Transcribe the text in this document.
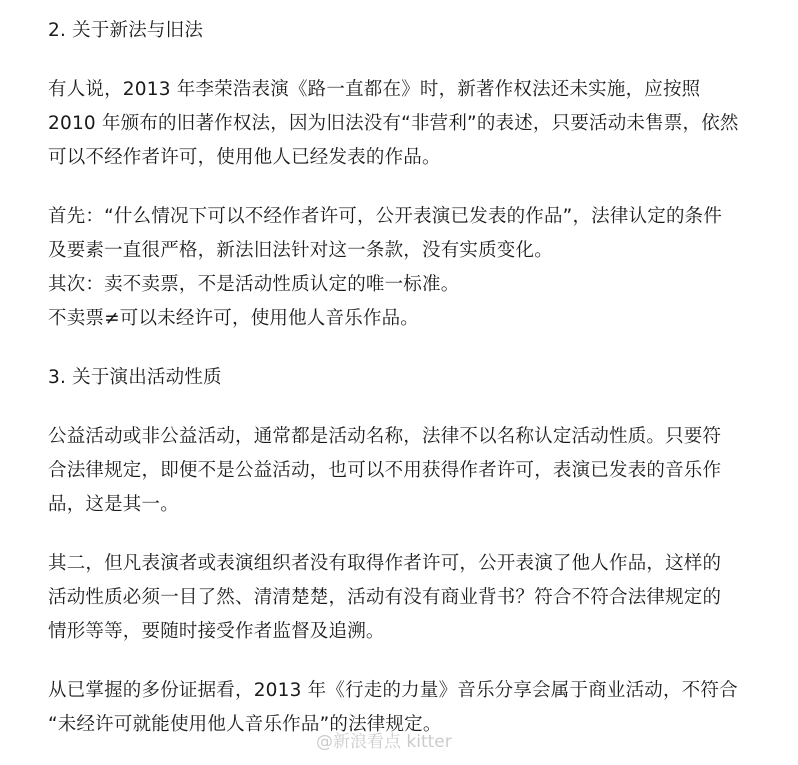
2. 关于新法与旧法
有人说，2013 年李荣浩表演《路一直都在》时，新著作权法还未实施，应按照
2010 年颁布的旧著作权法，因为旧法没有“非营利”的表述，只要活动未售票，依然
可以不经作者许可，使用他人已经发表的作品。
首先：“什么情况下可以不经作者许可，公开表演已发表的作品”，法律认定的条件
及要素一直很严格，新法旧法针对这一条款，没有实质变化。
其次：卖不卖票，不是活动性质认定的唯一标准。
不卖票≠可以未经许可，使用他人音乐作品。
3. 关于演出活动性质
公益活动或非公益活动，通常都是活动名称，法律不以名称认定活动性质。只要符
合法律规定，即便不是公益活动，也可以不用获得作者许可，表演已发表的音乐作
品，这是其一。
其二，但凡表演者或表演组织者没有取得作者许可，公开表演了他人作品，这样的
活动性质必须一目了然、清清楚楚，活动有没有商业背书？符合不符合法律规定的
情形等等，要随时接受作者监督及追溯。
从已掌握的多份证据看，2013 年《行走的力量》音乐分享会属于商业活动，不符合
“未经许可就能使用他人音乐作品”的法律规定。
@新浪看点 kitter
